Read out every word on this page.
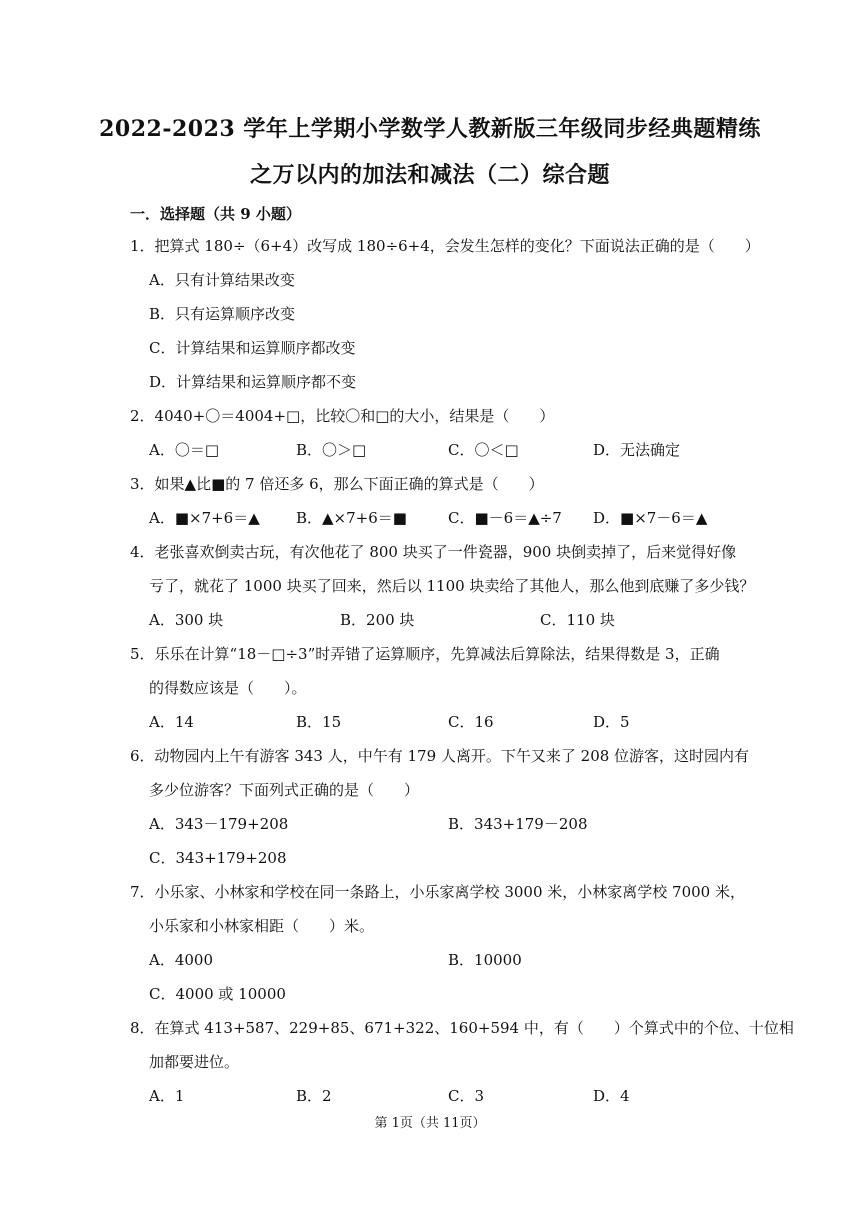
2022-2023 学年上学期小学数学人教新版三年级同步经典题精练
之万以内的加法和减法（二）综合题
一．选择题（共 9 小题）
1．把算式 180÷（6+4）改写成 180÷6+4，会发生怎样的变化？下面说法正确的是（　　）
A．只有计算结果改变
B．只有运算顺序改变
C．计算结果和运算顺序都改变
D．计算结果和运算顺序都不变
2．4040+〇＝4004+□，比较〇和□的大小，结果是（　　）
A．〇＝□	B．〇＞□	C．〇＜□	D．无法确定
3．如果▲比■的 7 倍还多 6，那么下面正确的算式是（　　）
A．■×7+6＝▲ B．▲×7+6＝■	C．■－6＝▲÷7 D．■×7－6＝▲
4．老张喜欢倒卖古玩，有次他花了 800 块买了一件瓷器，900 块倒卖掉了，后来觉得好像
亏了，就花了 1000 块买了回来，然后以 1100 块卖给了其他人，那么他到底赚了多少钱？
A．300 块	B．200 块	C．110 块
5．乐乐在计算“18－□÷3”时弄错了运算顺序，先算减法后算除法，结果得数是 3，正确
的得数应该是（　　）。
A．14	B．15	C．16	D．5
6．动物园内上午有游客 343 人，中午有 179 人离开。下午又来了 208 位游客，这时园内有
多少位游客？下面列式正确的是（　　）
A．343－179+208	B．343+179－208
C．343+179+208
7．小乐家、小林家和学校在同一条路上，小乐家离学校 3000 米，小林家离学校 7000 米，
小乐家和小林家相距（　　）米。
A．4000	B．10000
C．4000 或 10000
8．在算式 413+587、229+85、671+322、160+594 中，有（　　）个算式中的个位、十位相
加都要进位。
A．1	B．2	C．3	D．4
第 1页（共 11页）
